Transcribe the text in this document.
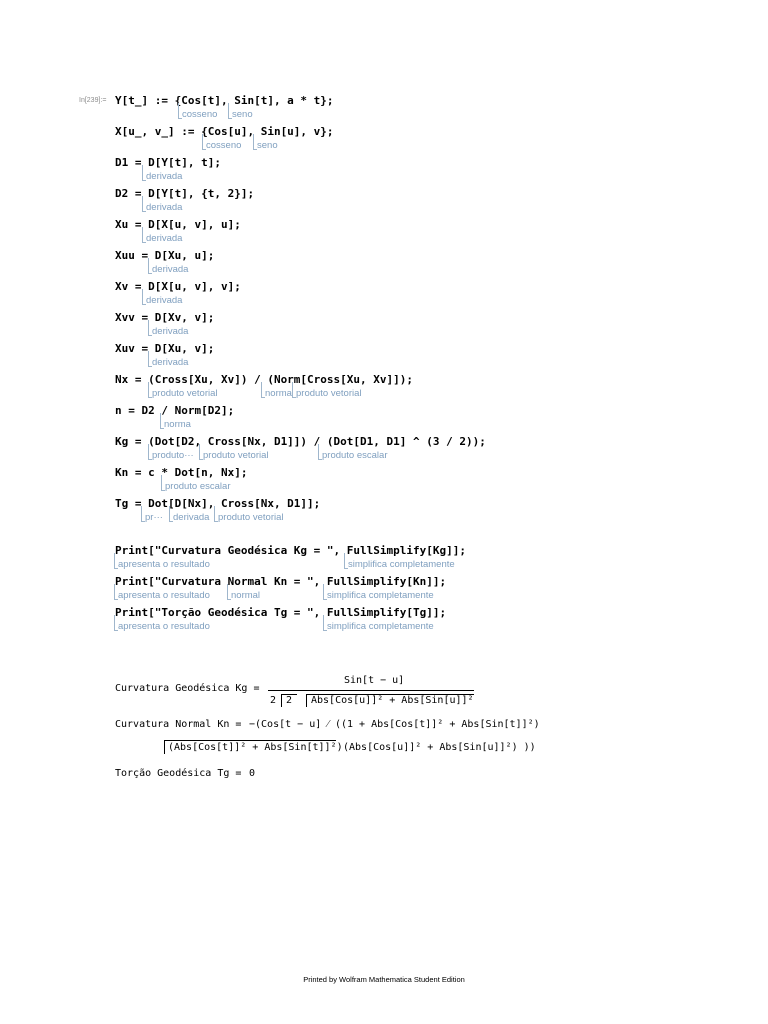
In[239]:= Y[t_] := {Cos[t], Sin[t], a * t};
cosseno	seno
X[u_, v_] := {Cos[u], Sin[u], v};
cosseno	seno
D1 = D[Y[t], t];
derivada
D2 = D[Y[t], {t, 2}];
derivada
Xu = D[X[u, v], u];
derivada
Xuu = D[Xu, u];
derivada
Xv = D[X[u, v], v];
derivada
Xvv = D[Xv, v];
derivada
Xuv = D[Xu, v];
derivada
Nx = (Cross[Xu, Xv]) / (Norm[Cross[Xu, Xv]]);
produto vetorial	norma produto vetorial
n = D2 / Norm[D2];
norma
Kg = (Dot[D2, Cross[Nx, D1]]) / (Dot[D1, D1] ^ (3 / 2));
produto··· produto vetorial	produto escalar
Kn = c * Dot[n, Nx];
produto escalar
Tg = Dot[D[Nx], Cross[Nx, D1]];
pr···	derivada produto vetorial
Print["Curvatura Geodésica Kg = ", FullSimplify[Kg]];
apresenta o resultado	simplifica completamente
Print["Curvatura Normal Kn = ", FullSimplify[Kn]];
apresenta o resultado	normal	simplifica completamente
Print["Torção Geodésica Tg = ", FullSimplify[Tg]];
apresenta o resultado	simplifica completamente
Curvatura Geodésica Kg =
Sin[t − u]
2 2 Abs[Cos[u]]² + Abs[Sin[u]]²
Curvatura Normal Kn = −(Cos[t − u] ⁄ ((1 + Abs[Cos[t]]² + Abs[Sin[t]]²)
(Abs[Cos[t]]² + Abs[Sin[t]]²) (Abs[Cos[u]]² + Abs[Sin[u]]²) ))
Torção Geodésica Tg = 0
Printed by Wolfram Mathematica Student Edition
